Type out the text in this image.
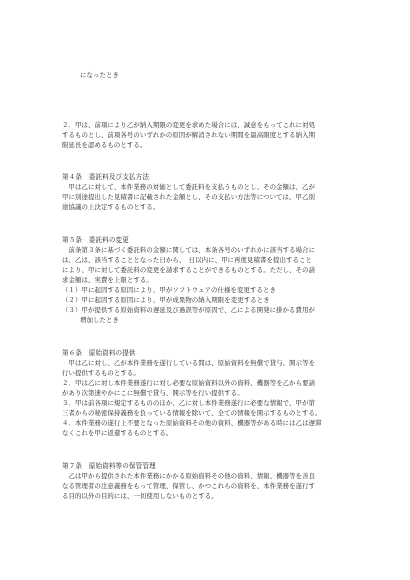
になったとき
２．甲は、前項により乙が納入期限の変更を求めた場合には、誠意をもってこれに対処
するものとし、前項各号のいずれかの原因が解消されない期間を最高限度とする納入期
限延長を認めるものとする。
第４条　委託料及び支払方法
　甲は乙に対して、本件業務の対価として委託料を支払うものとし、その金額は、乙が
甲に別途提出した見積書に記載された金額とし、その支払い方法等については、甲乙別
途協議の上決定するものとする。
第５条　委託料の変更
　前条第３条に基づく委託料の金額に関しては、本条各号のいずれかに該当する場合に
は、乙は、該当することとなった日から、　日以内に、甲に再度見積書を提出すること
により、甲に対して委託料の変更を請求することができるものとする。ただし、その請
求金額は、実費を上限とする。
（１）甲に起因する原因により、甲がソフトウェアの仕様を変更するとき
（２）甲に起因する原因により、甲が成果物の納入期限を変更するとき
（３）甲が提供する原始資料の遅延及び過誤等が原因で、乙による開発に掛かる費用が
増加したとき
第６条　原始資料の提供
　甲は乙に対し、乙が本件業務を遂行している間は、原始資料を無償で貸与、開示等を
行い提供するものとする。
２．甲は乙に対し本件業務遂行に対し必要な原始資料以外の資料、機器等を乙から要請
があり次第速やかにこに無償で貸与、開示等を行い提供する。
３．甲は前各項に規定するもののほか、乙に対し本件業務遂行に必要な情報で、甲が第
三者からの秘密保持義務を負っている情報を除いて、全ての情報を開示するものとする。
４．本件業務の遂行上不要となった原始資料その他の資料、機器等がある時には乙は遅滞
なくこれを甲に返還するものとする。
第７条　原始資料等の保管管理
　乙は甲から提供された本件業務にかかる原始資料その他の資料、情報、機器等を善良
なる管理者の注意義務をもって管理、保管し、かつこれらの資料を、本件業務を遂行す
る目的以外の目的には、一切使用しないものとする。
